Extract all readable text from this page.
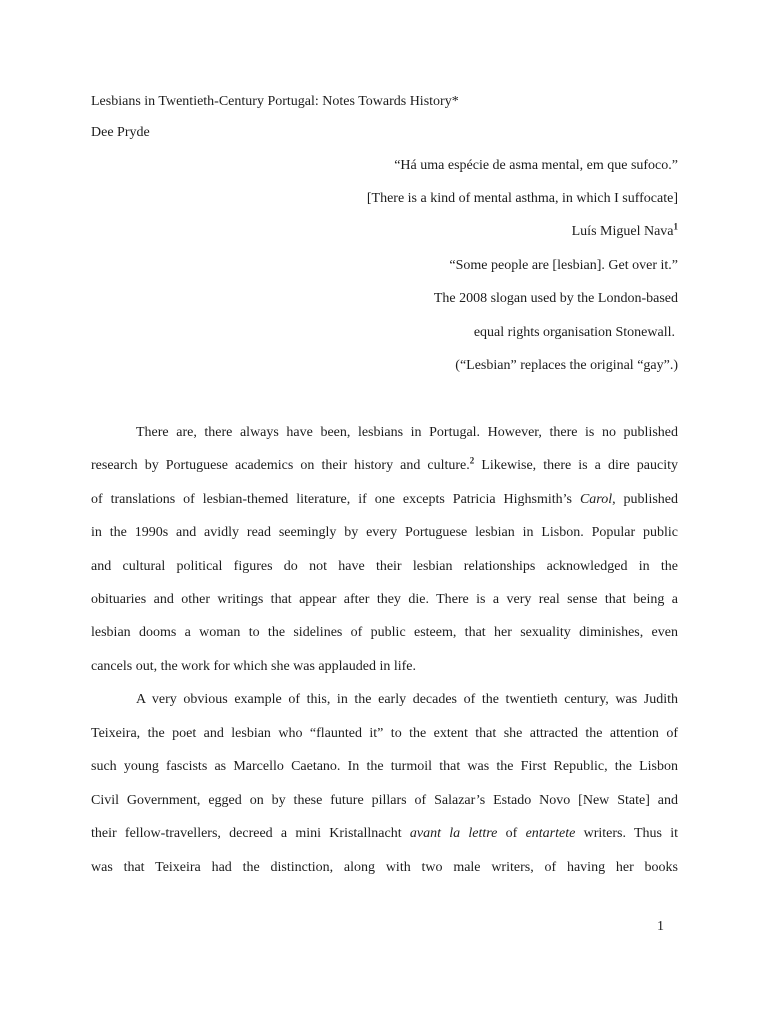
Lesbians in Twentieth-Century Portugal: Notes Towards History*
Dee Pryde
“Há uma espécie de asma mental, em que sufoco.”
[There is a kind of mental asthma, in which I suffocate]
Luís Miguel Nava$^1$
“Some people are [lesbian]. Get over it.”
The 2008 slogan used by the London-based
equal rights organisation Stonewall.
(“Lesbian” replaces the original “gay”.)
There are, there always have been, lesbians in Portugal. However, there is no published
research by Portuguese academics on their history and culture.$^2$ Likewise, there is a dire paucity
of translations of lesbian-themed literature, if one excepts Patricia Highsmith’s Carol, published
in the 1990s and avidly read seemingly by every Portuguese lesbian in Lisbon. Popular public
and cultural political figures do not have their lesbian relationships acknowledged in the
obituaries and other writings that appear after they die. There is a very real sense that being a
lesbian dooms a woman to the sidelines of public esteem, that her sexuality diminishes, even
cancels out, the work for which she was applauded in life.
A very obvious example of this, in the early decades of the twentieth century, was Judith
Teixeira, the poet and lesbian who “flaunted it” to the extent that she attracted the attention of
such young fascists as Marcello Caetano. In the turmoil that was the First Republic, the Lisbon
Civil Government, egged on by these future pillars of Salazar’s Estado Novo [New State] and
their fellow-travellers, decreed a mini Kristallnacht avant la lettre of entartete writers. Thus it
was that Teixeira had the distinction, along with two male writers, of having her books
1
